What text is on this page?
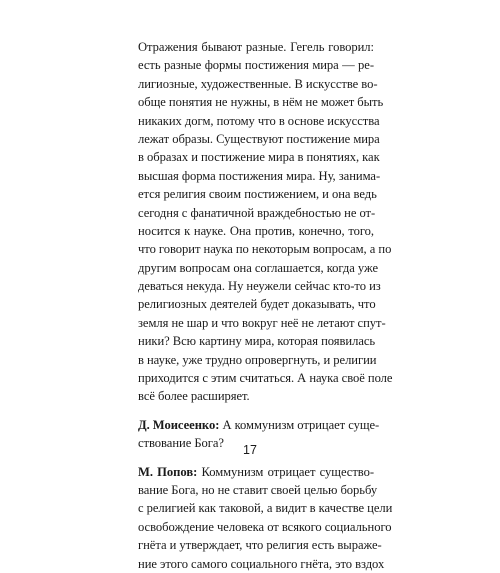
Отражения бывают разные. Гегель говорил:
есть разные формы постижения мира — ре-
лигиозные, художественные. В искусстве во-
обще понятия не нужны, в нём не может быть
никаких догм, потому что в основе искусства
лежат образы. Существуют постижение мира
в образах и постижение мира в понятиях, как
высшая форма постижения мира. Ну, занима-
ется религия своим постижением, и она ведь
сегодня с фанатичной враждебностью не от-
носится к науке. Она против, конечно, того,
что говорит наука по некоторым вопросам, а по
другим вопросам она соглашается, когда уже
деваться некуда. Ну неужели сейчас кто-то из
религиозных деятелей будет доказывать, что
земля не шар и что вокруг неё не летают спут-
ники? Всю картину мира, которая появилась
в науке, уже трудно опровергнуть, и религии
приходится с этим считаться. А наука своё поле
всё более расширяет.
Д. Моисеенко: А коммунизм отрицает суще-
ствование Бога?
М. Попов: Коммунизм отрицает существо-
вание Бога, но не ставит своей целью борьбу
с религией как таковой, а видит в качестве цели
освобождение человека от всякого социального
гнёта и утверждает, что религия есть выраже-
ние этого самого социального гнёта, это вздох
17
